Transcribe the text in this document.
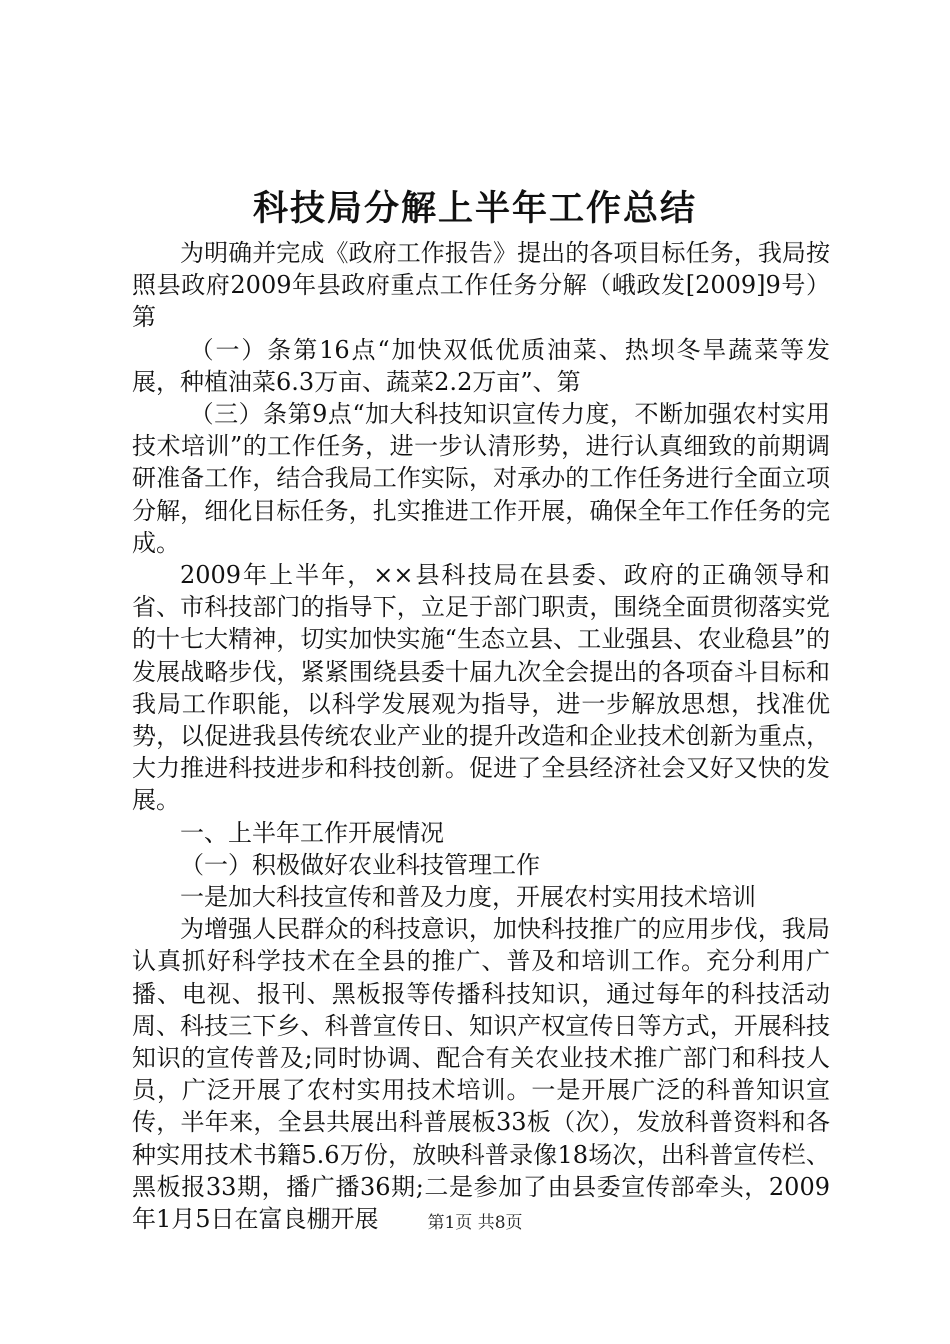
科技局分解上半年工作总结

为明确并完成《政府工作报告》提出的各项目标任务，我局按照县政府2009年县政府重点工作任务分解（峨政发[2009]9号）第

（一）条第16点“加快双低优质油菜、热坝冬旱蔬菜等发展，种植油菜6.3万亩、蔬菜2.2万亩”、第

（三）条第9点“加大科技知识宣传力度，不断加强农村实用技术培训”的工作任务，进一步认清形势，进行认真细致的前期调研准备工作，结合我局工作实际，对承办的工作任务进行全面立项分解，细化目标任务，扎实推进工作开展，确保全年工作任务的完成。

2009年上半年，××县科技局在县委、政府的正确领导和省、市科技部门的指导下，立足于部门职责，围绕全面贯彻落实党的十七大精神，切实加快实施“生态立县、工业强县、农业稳县”的发展战略步伐，紧紧围绕县委十届九次全会提出的各项奋斗目标和我局工作职能，以科学发展观为指导，进一步解放思想，找准优势，以促进我县传统农业产业的提升改造和企业技术创新为重点，大力推进科技进步和科技创新。促进了全县经济社会又好又快的发展。

一、上半年工作开展情况

（一）积极做好农业科技管理工作

一是加大科技宣传和普及力度，开展农村实用技术培训

为增强人民群众的科技意识，加快科技推广的应用步伐，我局认真抓好科学技术在全县的推广、普及和培训工作。充分利用广播、电视、报刊、黑板报等传播科技知识，通过每年的科技活动周、科技三下乡、科普宣传日、知识产权宣传日等方式，开展科技知识的宣传普及;同时协调、配合有关农业技术推广部门和科技人员，广泛开展了农村实用技术培训。一是开展广泛的科普知识宣传，半年来，全县共展出科普展板33板（次），发放科普资料和各种实用技术书籍5.6万份，放映科普录像18场次，出科普宣传栏、黑板报33期，播广播36期;二是参加了由县委宣传部牵头，2009年1月5日在富良棚开展	第1页 共8页
